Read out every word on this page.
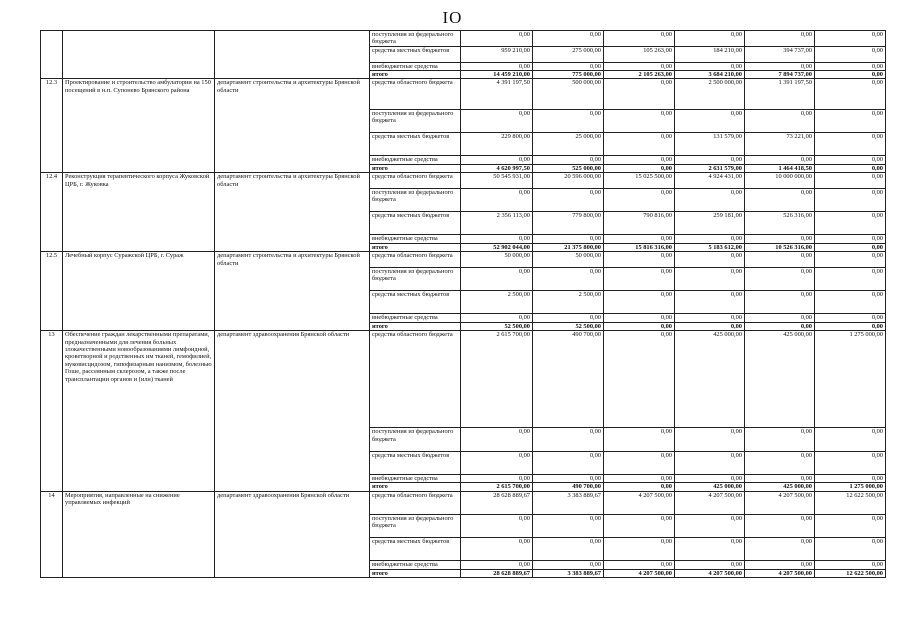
IO
			поступления из федерального бюджета	0,00	0,00	0,00	0,00	0,00	0,00
			средства местных бюджетов	959 210,00	275 000,00	105 263,00	184 210,00	394 737,00	0,00
			внебюджетные средства	0,00	0,00	0,00	0,00	0,00	0,00
			итого	14 459 210,00	775 000,00	2 105 263,00	3 684 210,00	7 894 737,00	0,00
12.3	Проектирование и строительство амбулатории на 150 посещений в н.п. Супонево Брянского района	департамент строительства и архитектуры Брянской области	средства областного бюджета	4 391 197,50	500 000,00	0,00	2 500 000,00	1 391 197,50	0,00
			поступления из федерального бюджета	0,00	0,00	0,00	0,00	0,00	0,00
			средства местных бюджетов	229 800,00	25 000,00	0,00	131 579,00	73 221,00	0,00
			внебюджетные средства	0,00	0,00	0,00	0,00	0,00	0,00
			итого	4 620 997,50	525 000,00	0,00	2 631 579,00	1 464 418,50	0,00
12.4	Реконструкция терапевтического корпуса Жуковской ЦРБ, г. Жуковка	департамент строительства и архитектуры Брянской области	средства областного бюджета	50 545 931,00	20 596 000,00	15 025 500,00	4 924 431,00	10 000 000,00	0,00
			поступления из федерального бюджета	0,00	0,00	0,00	0,00	0,00	0,00
			средства местных бюджетов	2 356 113,00	779 800,00	790 816,00	259 181,00	526 316,00	0,00
			внебюджетные средства	0,00	0,00	0,00	0,00	0,00	0,00
			итого	52 902 044,00	21 375 800,00	15 816 316,00	5 183 612,00	10 526 316,00	0,00
12.5	Лечебный корпус Суражской ЦРБ, г. Сураж	департамент строительства и архитектуры Брянской области	средства областного бюджета	50 000,00	50 000,00	0,00	0,00	0,00	0,00
			поступления из федерального бюджета	0,00	0,00	0,00	0,00	0,00	0,00
			средства местных бюджетов	2 500,00	2 500,00	0,00	0,00	0,00	0,00
			внебюджетные средства	0,00	0,00	0,00	0,00	0,00	0,00
			итого	52 500,00	52 500,00	0,00	0,00	0,00	0,00
13	Обеспечение граждан лекарственными препаратами, предназначенными для лечения больных злокачественными новообразованиями лимфоидной, кроветворной и родственных им тканей, гемофилией, муковисцидозом, гипофизарным нанизмом, болезнью Гоше, рассеянным склерозом, а также после трансплантации органов и (или) тканей	департамент здравоохранения Брянской области	средства областного бюджета	2 615 700,00	490 700,00	0,00	425 000,00	425 000,00	1 275 000,00
			поступления из федерального бюджета	0,00	0,00	0,00	0,00	0,00	0,00
			средства местных бюджетов	0,00	0,00	0,00	0,00	0,00	0,00
			внебюджетные средства	0,00	0,00	0,00	0,00	0,00	0,00
			итого	2 615 700,00	490 700,00	0,00	425 000,00	425 000,00	1 275 000,00
14	Мероприятия, направленные на снижение управляемых инфекций	департамент здравоохранения Брянской области	средства областного бюджета	28 628 889,67	3 383 889,67	4 207 500,00	4 207 500,00	4 207 500,00	12 622 500,00
			поступления из федерального бюджета	0,00	0,00	0,00	0,00	0,00	0,00
			средства местных бюджетов	0,00	0,00	0,00	0,00	0,00	0,00
			внебюджетные средства	0,00	0,00	0,00	0,00	0,00	0,00
			итого	28 628 889,67	3 383 889,67	4 207 500,00	4 207 500,00	4 207 500,00	12 622 500,00
